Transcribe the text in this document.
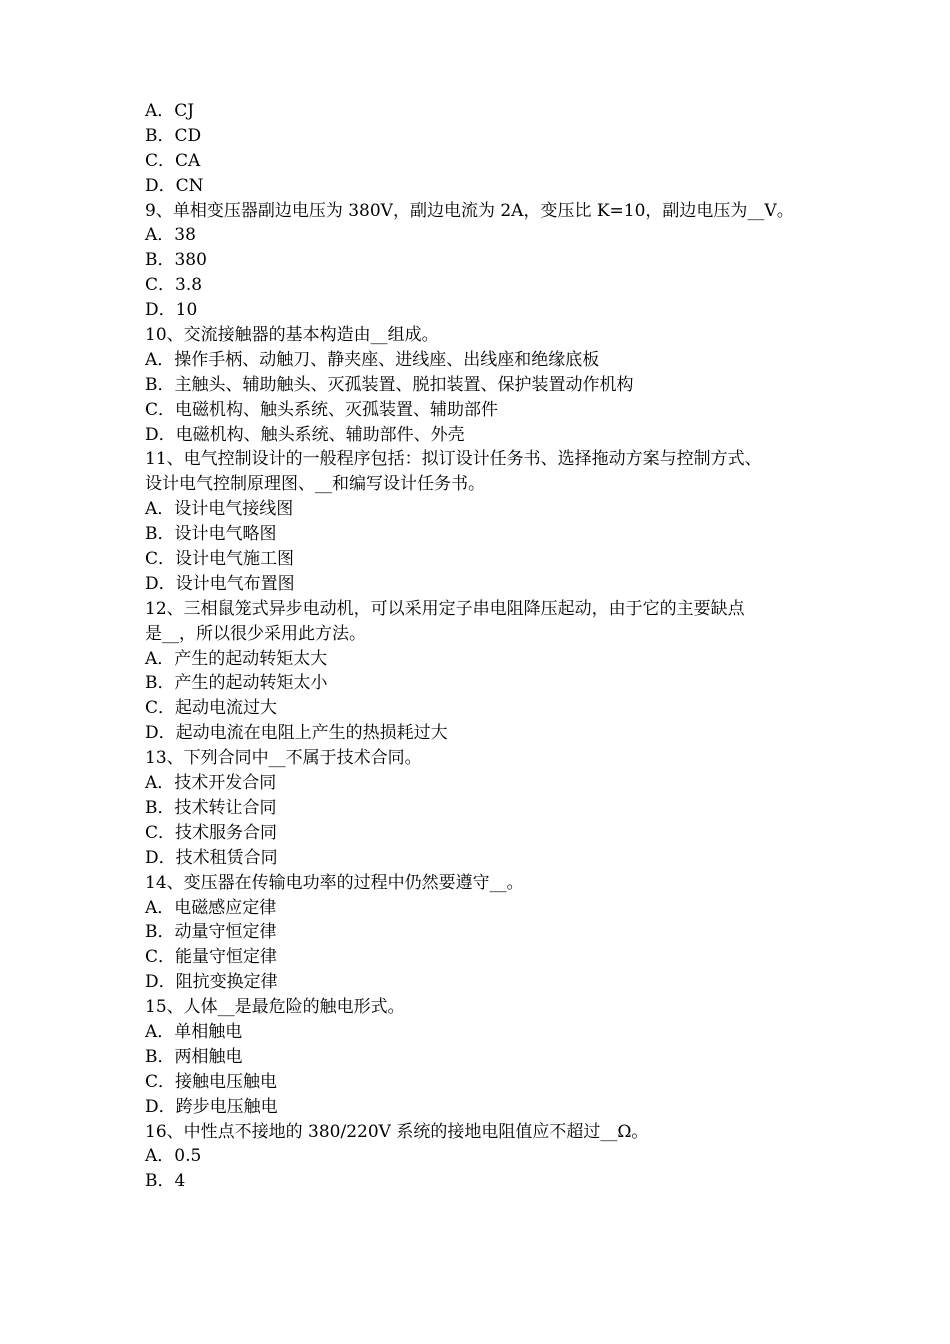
A．CJ
B．CD
C．CA
D．CN
9、单相变压器副边电压为 380V，副边电流为 2A，变压比 K=10，副边电压为__V。
A．38
B．380
C．3.8
D．10
10、交流接触器的基本构造由__组成。
A．操作手柄、动触刀、静夹座、进线座、出线座和绝缘底板
B．主触头、辅助触头、灭孤装置、脱扣装置、保护装置动作机构
C．电磁机构、触头系统、灭孤装置、辅助部件
D．电磁机构、触头系统、辅助部件、外壳
11、电气控制设计的一般程序包括：拟订设计任务书、选择拖动方案与控制方式、
设计电气控制原理图、__和编写设计任务书。
A．设计电气接线图
B．设计电气略图
C．设计电气施工图
D．设计电气布置图
12、三相鼠笼式异步电动机，可以采用定子串电阻降压起动，由于它的主要缺点
是__，所以很少采用此方法。
A．产生的起动转矩太大
B．产生的起动转矩太小
C．起动电流过大
D．起动电流在电阻上产生的热损耗过大
13、下列合同中__不属于技术合同。
A．技术开发合同
B．技术转让合同
C．技术服务合同
D．技术租赁合同
14、变压器在传输电功率的过程中仍然要遵守__。
A．电磁感应定律
B．动量守恒定律
C．能量守恒定律
D．阻抗变换定律
15、人体__是最危险的触电形式。
A．单相触电
B．两相触电
C．接触电压触电
D．跨步电压触电
16、中性点不接地的 380/220V 系统的接地电阻值应不超过__Ω。
A．0.5
B．4
